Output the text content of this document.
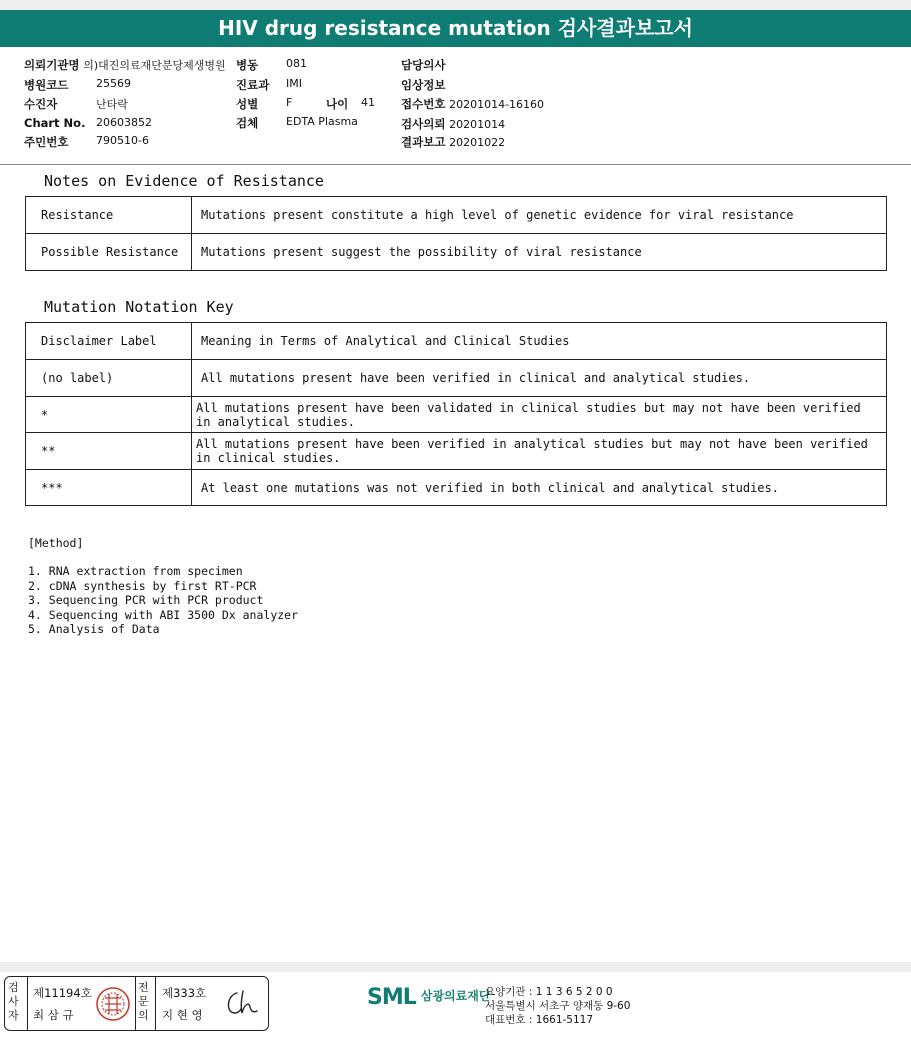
HIV drug resistance mutation 검사결과보고서
의뢰기관명 의)대진의료재단분당제생병원
병원코드	25569
수진자	난타락
Chart No. 20603852
주민번호	790510-6
병동	081
진료과 IMI
성별	F	나이 41
검체	EDTA Plasma
담당의사
임상정보
접수번호 20201014-16160
검사의뢰 20201014
결과보고 20201022
Notes on Evidence of Resistance
Resistance	Mutations present constitute a high level of genetic evidence for viral resistance
Possible Resistance	Mutations present suggest the possibility of viral resistance
Mutation Notation Key
Disclaimer Label	Meaning in Terms of Analytical and Clinical Studies
(no label)	All mutations present have been verified in clinical and analytical studies.
*	All mutations present have been validated in clinical studies but may not have been verified in analytical studies.
**	All mutations present have been verified in analytical studies but may not have been verified in clinical studies.
***	At least one mutations was not verified in both clinical and analytical studies.
[Method]
1. RNA extraction from specimen
2. cDNA synthesis by first RT-PCR
3. Sequencing PCR with PCR product
4. Sequencing with ABI 3500 Dx analyzer
5. Analysis of Data
검사자
제11194호
최 삼 규
전문의
제333호
지 현 영
SML $^{삼광의료재단}$
요양기관 : 1 1 3 6 5 2 0 0
서울특별시 서초구 양재동 9-60
대표번호 : 1661-5117
